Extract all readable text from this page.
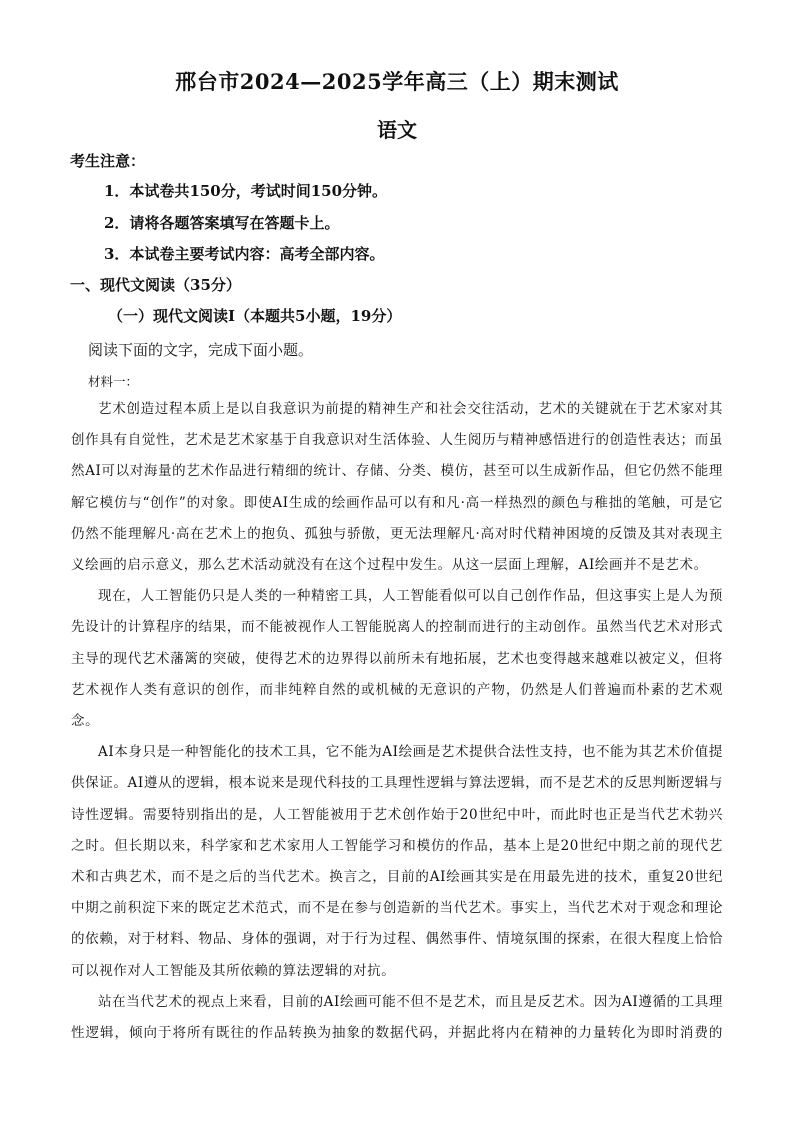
邢台市2024—2025学年高三（上）期末测试
语文
考生注意：
1．本试卷共150分，考试时间150分钟。
2．请将各题答案填写在答题卡上。
3．本试卷主要考试内容：高考全部内容。
一、现代文阅读（35分）
（一）现代文阅读Ⅰ（本题共5小题，19分）
阅读下面的文字，完成下面小题。
材料一：

艺术创造过程本质上是以自我意识为前提的精神生产和社会交往活动，艺术的关键就在于艺术家对其创作具有自觉性，艺术是艺术家基于自我意识对生活体验、人生阅历与精神感悟进行的创造性表达；而虽然AI可以对海量的艺术作品进行精细的统计、存储、分类、模仿，甚至可以生成新作品，但它仍然不能理解它模仿与“创作”的对象。即使AI生成的绘画作品可以有和凡·高一样热烈的颜色与稚拙的笔触，可是它仍然不能理解凡·高在艺术上的抱负、孤独与骄傲，更无法理解凡·高对时代精神困境的反馈及其对表现主义绘画的启示意义，那么艺术活动就没有在这个过程中发生。从这一层面上理解，AI绘画并不是艺术。

现在，人工智能仍只是人类的一种精密工具，人工智能看似可以自己创作作品，但这事实上是人为预先设计的计算程序的结果，而不能被视作人工智能脱离人的控制而进行的主动创作。虽然当代艺术对形式主导的现代艺术藩篱的突破，使得艺术的边界得以前所未有地拓展，艺术也变得越来越难以被定义，但将艺术视作人类有意识的创作，而非纯粹自然的或机械的无意识的产物，仍然是人们普遍而朴素的艺术观念。

AI本身只是一种智能化的技术工具，它不能为AI绘画是艺术提供合法性支持，也不能为其艺术价值提供保证。AI遵从的逻辑，根本说来是现代科技的工具理性逻辑与算法逻辑，而不是艺术的反思判断逻辑与诗性逻辑。需要特别指出的是，人工智能被用于艺术创作始于20世纪中叶，而此时也正是当代艺术勃兴之时。但长期以来，科学家和艺术家用人工智能学习和模仿的作品，基本上是20世纪中期之前的现代艺术和古典艺术，而不是之后的当代艺术。换言之，目前的AI绘画其实是在用最先进的技术，重复20世纪中期之前积淀下来的既定艺术范式，而不是在参与创造新的当代艺术。事实上，当代艺术对于观念和理论的依赖，对于材料、物品、身体的强调，对于行为过程、偶然事件、情境氛围的探索，在很大程度上恰恰可以视作对人工智能及其所依赖的算法逻辑的对抗。

站在当代艺术的视点上来看，目前的AI绘画可能不但不是艺术，而且是反艺术。因为AI遵循的工具理性逻辑，倾向于将所有既往的作品转换为抽象的数据代码，并据此将内在精神的力量转化为即时消费的
